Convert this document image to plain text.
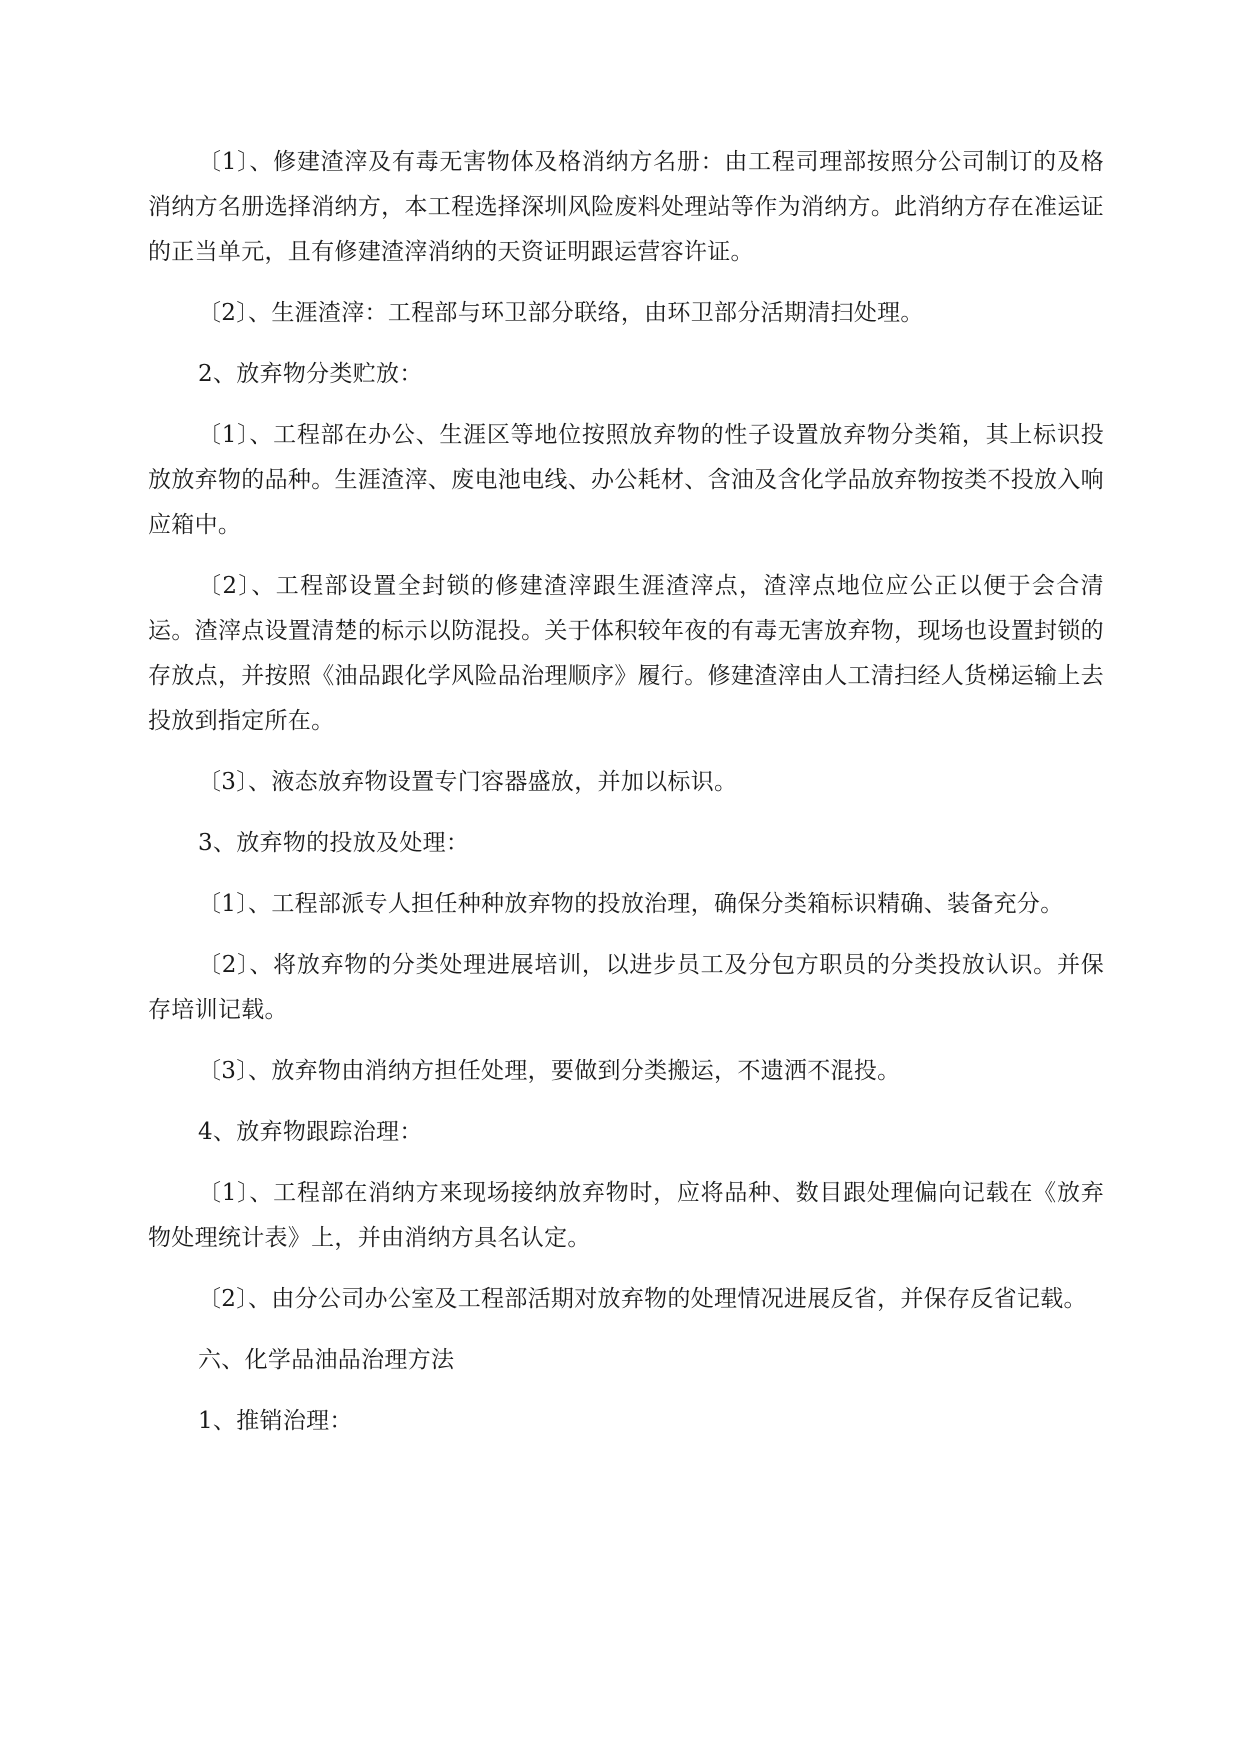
〔1〕、修建渣滓及有毒无害物体及格消纳方名册：由工程司理部按照分公司制订的及格消纳方名册选择消纳方，本工程选择深圳风险废料处理站等作为消纳方。此消纳方存在准运证的正当单元，且有修建渣滓消纳的天资证明跟运营容许证。

〔2〕、生涯渣滓：工程部与环卫部分联络，由环卫部分活期清扫处理。

2、放弃物分类贮放：

〔1〕、工程部在办公、生涯区等地位按照放弃物的性子设置放弃物分类箱，其上标识投放放弃物的品种。生涯渣滓、废电池电线、办公耗材、含油及含化学品放弃物按类不投放入响应箱中。

〔2〕、工程部设置全封锁的修建渣滓跟生涯渣滓点，渣滓点地位应公正以便于会合清运。渣滓点设置清楚的标示以防混投。关于体积较年夜的有毒无害放弃物，现场也设置封锁的存放点，并按照《油品跟化学风险品治理顺序》履行。修建渣滓由人工清扫经人货梯运输上去投放到指定所在。

〔3〕、液态放弃物设置专门容器盛放，并加以标识。

3、放弃物的投放及处理：

〔1〕、工程部派专人担任种种放弃物的投放治理，确保分类箱标识精确、装备充分。

〔2〕、将放弃物的分类处理进展培训，以进步员工及分包方职员的分类投放认识。并保存培训记载。

〔3〕、放弃物由消纳方担任处理，要做到分类搬运，不遗洒不混投。

4、放弃物跟踪治理：

〔1〕、工程部在消纳方来现场接纳放弃物时，应将品种、数目跟处理偏向记载在《放弃物处理统计表》上，并由消纳方具名认定。

〔2〕、由分公司办公室及工程部活期对放弃物的处理情况进展反省，并保存反省记载。

六、化学品油品治理方法

1、推销治理：
